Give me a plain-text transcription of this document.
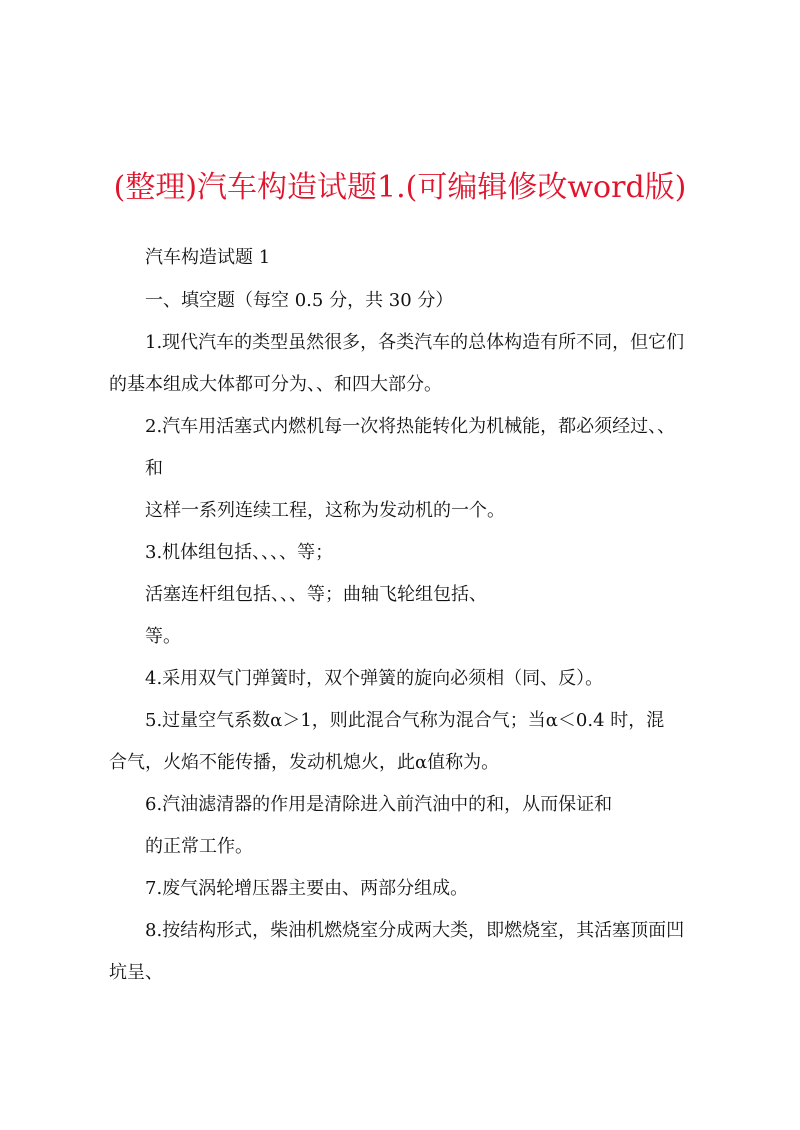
(整理)汽车构造试题1.(可编辑修改word版)
汽车构造试题 1
一、填空题（每空 0.5 分，共 30 分）
1.现代汽车的类型虽然很多，各类汽车的总体构造有所不同，但它们
的基本组成大体都可分为、、和四大部分。
2.汽车用活塞式内燃机每一次将热能转化为机械能，都必须经过、、
和
这样一系列连续工程，这称为发动机的一个。
3.机体组包括、、、、等；
活塞连杆组包括、、、等；曲轴飞轮组包括、
等。
4.采用双气门弹簧时，双个弹簧的旋向必须相（同、反）。
5.过量空气系数α＞1，则此混合气称为混合气；当α＜0.4 时，混
合气，火焰不能传播，发动机熄火，此α值称为。
6.汽油滤清器的作用是清除进入前汽油中的和，从而保证和
的正常工作。
7.废气涡轮增压器主要由、两部分组成。
8.按结构形式，柴油机燃烧室分成两大类，即燃烧室，其活塞顶面凹
坑呈、
